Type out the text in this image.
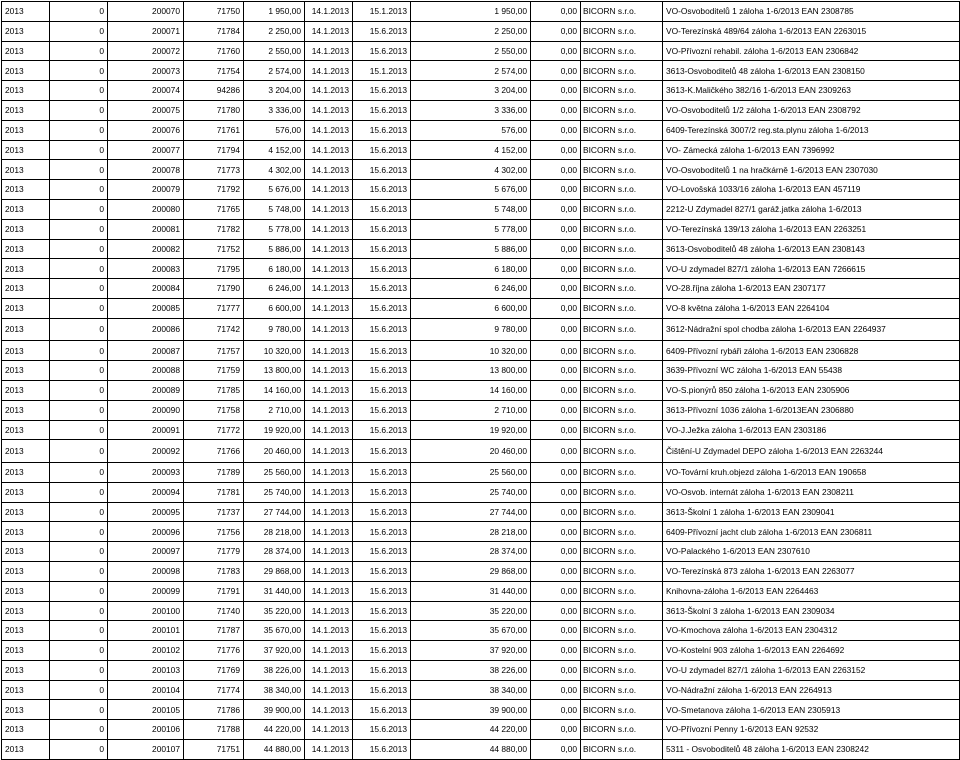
2013	0	200070	71750	1 950,00	14.1.2013	15.1.2013	1 950,00	0,00	BICORN s.r.o.	VO-Osvoboditelů 1 záloha 1-6/2013 EAN 2308785
2013	0	200071	71784	2 250,00	14.1.2013	15.6.2013	2 250,00	0,00	BICORN s.r.o.	VO-Terezínská 489/64 záloha 1-6/2013 EAN 2263015
2013	0	200072	71760	2 550,00	14.1.2013	15.6.2013	2 550,00	0,00	BICORN s.r.o.	VO-Přívozní rehabil. záloha 1-6/2013 EAN 2306842
2013	0	200073	71754	2 574,00	14.1.2013	15.1.2013	2 574,00	0,00	BICORN s.r.o.	3613-Osvoboditelů 48 záloha 1-6/2013 EAN 2308150
2013	0	200074	94286	3 204,00	14.1.2013	15.6.2013	3 204,00	0,00	BICORN s.r.o.	3613-K.Maličkého 382/16 1-6/2013 EAN 2309263
2013	0	200075	71780	3 336,00	14.1.2013	15.6.2013	3 336,00	0,00	BICORN s.r.o.	VO-Osvoboditelů 1/2 záloha 1-6/2013 EAN 2308792
2013	0	200076	71761	576,00	14.1.2013	15.6.2013	576,00	0,00	BICORN s.r.o.	6409-Terezínská 3007/2 reg.sta.plynu záloha 1-6/2013
2013	0	200077	71794	4 152,00	14.1.2013	15.6.2013	4 152,00	0,00	BICORN s.r.o.	VO- Zámecká záloha 1-6/2013 EAN 7396992
2013	0	200078	71773	4 302,00	14.1.2013	15.6.2013	4 302,00	0,00	BICORN s.r.o.	VO-Osvoboditelů 1 na hračkárně 1-6/2013 EAN 2307030
2013	0	200079	71792	5 676,00	14.1.2013	15.6.2013	5 676,00	0,00	BICORN s.r.o.	VO-Lovošská 1033/16 záloha 1-6/2013 EAN 457119
2013	0	200080	71765	5 748,00	14.1.2013	15.6.2013	5 748,00	0,00	BICORN s.r.o.	2212-U Zdymadel 827/1 garáž.jatka záloha 1-6/2013
2013	0	200081	71782	5 778,00	14.1.2013	15.6.2013	5 778,00	0,00	BICORN s.r.o.	VO-Terezínská 139/13 záloha 1-6/2013 EAN 2263251
2013	0	200082	71752	5 886,00	14.1.2013	15.6.2013	5 886,00	0,00	BICORN s.r.o.	3613-Osvoboditelů 48 záloha 1-6/2013 EAN 2308143
2013	0	200083	71795	6 180,00	14.1.2013	15.6.2013	6 180,00	0,00	BICORN s.r.o.	VO-U zdymadel 827/1 záloha 1-6/2013 EAN 7266615
2013	0	200084	71790	6 246,00	14.1.2013	15.6.2013	6 246,00	0,00	BICORN s.r.o.	VO-28.října záloha 1-6/2013 EAN 2307177
2013	0	200085	71777	6 600,00	14.1.2013	15.6.2013	6 600,00	0,00	BICORN s.r.o.	VO-8 května záloha 1-6/2013 EAN 2264104
2013	0	200086	71742	9 780,00	14.1.2013	15.6.2013	9 780,00	0,00	BICORN s.r.o.	3612-Nádražní spol chodba záloha 1-6/2013 EAN 2264937
2013	0	200087	71757	10 320,00	14.1.2013	15.6.2013	10 320,00	0,00	BICORN s.r.o.	6409-Přívozní rybáři záloha 1-6/2013 EAN 2306828
2013	0	200088	71759	13 800,00	14.1.2013	15.6.2013	13 800,00	0,00	BICORN s.r.o.	3639-Přívozní WC záloha 1-6/2013 EAN 55438
2013	0	200089	71785	14 160,00	14.1.2013	15.6.2013	14 160,00	0,00	BICORN s.r.o.	VO-S.pionýrů 850 záloha 1-6/2013 EAN 2305906
2013	0	200090	71758	2 710,00	14.1.2013	15.6.2013	2 710,00	0,00	BICORN s.r.o.	3613-Přívozní 1036 záloha 1-6/2013EAN 2306880
2013	0	200091	71772	19 920,00	14.1.2013	15.6.2013	19 920,00	0,00	BICORN s.r.o.	VO-J.Ježka záloha 1-6/2013 EAN 2303186
2013	0	200092	71766	20 460,00	14.1.2013	15.6.2013	20 460,00	0,00	BICORN s.r.o.	Čištění-U Zdymadel DEPO záloha 1-6/2013 EAN 2263244
2013	0	200093	71789	25 560,00	14.1.2013	15.6.2013	25 560,00	0,00	BICORN s.r.o.	VO-Tovární kruh.objezd záloha 1-6/2013 EAN 190658
2013	0	200094	71781	25 740,00	14.1.2013	15.6.2013	25 740,00	0,00	BICORN s.r.o.	VO-Osvob. internát záloha 1-6/2013 EAN 2308211
2013	0	200095	71737	27 744,00	14.1.2013	15.6.2013	27 744,00	0,00	BICORN s.r.o.	3613-Školní 1 záloha 1-6/2013 EAN 2309041
2013	0	200096	71756	28 218,00	14.1.2013	15.6.2013	28 218,00	0,00	BICORN s.r.o.	6409-Přívozní jacht club záloha 1-6/2013 EAN 2306811
2013	0	200097	71779	28 374,00	14.1.2013	15.6.2013	28 374,00	0,00	BICORN s.r.o.	VO-Palackého 1-6/2013 EAN 2307610
2013	0	200098	71783	29 868,00	14.1.2013	15.6.2013	29 868,00	0,00	BICORN s.r.o.	VO-Terezínská 873 záloha 1-6/2013 EAN 2263077
2013	0	200099	71791	31 440,00	14.1.2013	15.6.2013	31 440,00	0,00	BICORN s.r.o.	Knihovna-záloha 1-6/2013 EAN 2264463
2013	0	200100	71740	35 220,00	14.1.2013	15.6.2013	35 220,00	0,00	BICORN s.r.o.	3613-Školní 3 záloha 1-6/2013 EAN 2309034
2013	0	200101	71787	35 670,00	14.1.2013	15.6.2013	35 670,00	0,00	BICORN s.r.o.	VO-Kmochova záloha 1-6/2013 EAN 2304312
2013	0	200102	71776	37 920,00	14.1.2013	15.6.2013	37 920,00	0,00	BICORN s.r.o.	VO-Kostelní 903 záloha 1-6/2013 EAN 2264692
2013	0	200103	71769	38 226,00	14.1.2013	15.6.2013	38 226,00	0,00	BICORN s.r.o.	VO-U zdymadel 827/1 záloha 1-6/2013 EAN 2263152
2013	0	200104	71774	38 340,00	14.1.2013	15.6.2013	38 340,00	0,00	BICORN s.r.o.	VO-Nádražní záloha 1-6/2013 EAN 2264913
2013	0	200105	71786	39 900,00	14.1.2013	15.6.2013	39 900,00	0,00	BICORN s.r.o.	VO-Smetanova záloha 1-6/2013 EAN 2305913
2013	0	200106	71788	44 220,00	14.1.2013	15.6.2013	44 220,00	0,00	BICORN s.r.o.	VO-Přívozní Penny 1-6/2013 EAN 92532
2013	0	200107	71751	44 880,00	14.1.2013	15.6.2013	44 880,00	0,00	BICORN s.r.o.	5311 - Osvoboditelů 48 záloha 1-6/2013 EAN 2308242
